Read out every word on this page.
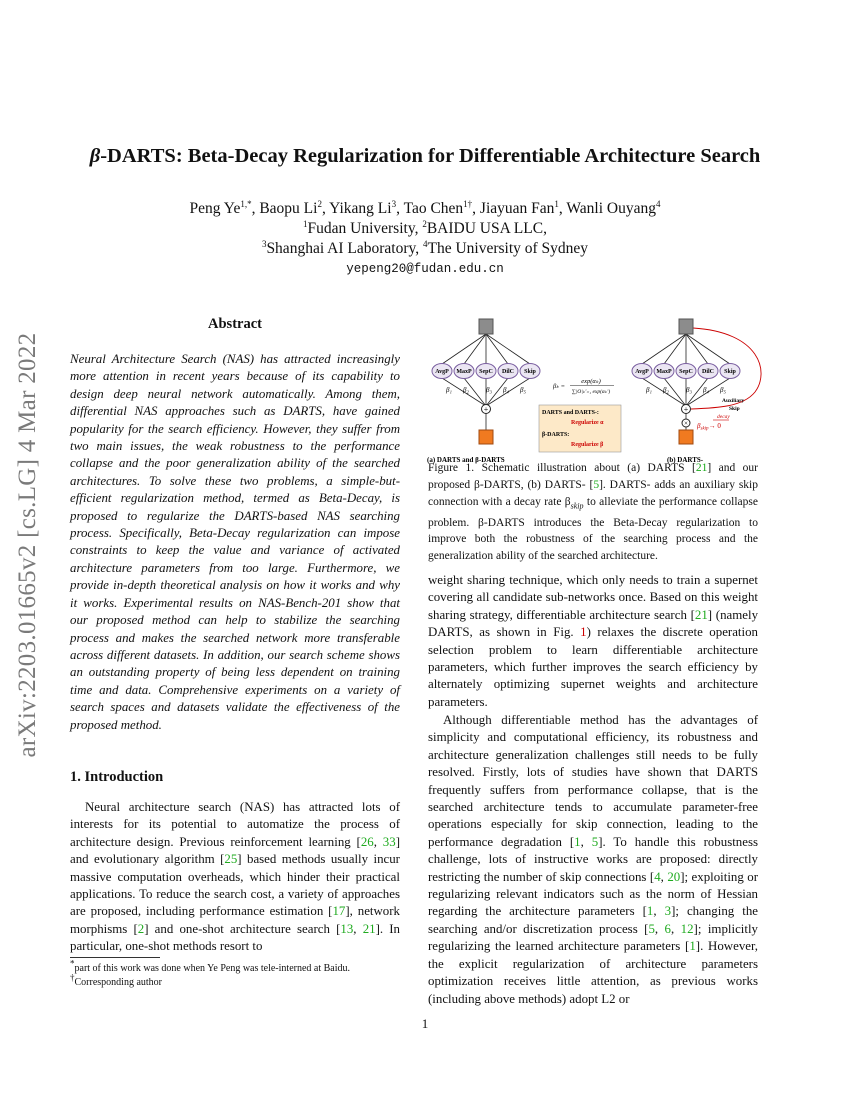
arXiv:2203.01665v2 [cs.LG] 4 Mar 2022
β-DARTS: Beta-Decay Regularization for Differentiable Architecture Search
Peng $Ye^{1,*}$, Baopu Li$^2$, Yikang Li$^3$, Tao Chen$^{1\dagger}$, Jiayuan Fan$^1$, Wanli Ouyang$^4$
$^1$Fudan University, $^2$BAIDU USA LLC,
$^3$Shanghai AI Laboratory, $^4$The University of Sydney
yepeng20@fudan.edu.cn
Abstract
Neural Architecture Search (NAS) has attracted increasingly more attention in recent years because of its capability to design deep neural network automatically. Among them, differential NAS approaches such as DARTS, have gained popularity for the search efficiency. However, they suffer from two main issues, the weak robustness to the performance collapse and the poor generalization ability of the searched architectures. To solve these two problems, a simple-but-efficient regularization method, termed as Beta-Decay, is proposed to regularize the DARTS-based NAS searching process. Specifically, Beta-Decay regularization can impose constraints to keep the value and variance of activated architecture parameters from too large. Furthermore, we provide in-depth theoretical analysis on how it works and why it works. Experimental results on NAS-Bench-201 show that our proposed method can help to stabilize the searching process and makes the searched network more transferable across different datasets. In addition, our search scheme shows an outstanding property of being less dependent on training time and data. Comprehensive experiments on a variety of search spaces and datasets validate the effectiveness of the proposed method.
1. Introduction

Neural architecture search (NAS) has attracted lots of interests for its potential to automatize the process of architecture design. Previous reinforcement learning [26, 33] and evolutionary algorithm [25] based methods usually incur massive computation overheads, which hinder their practical applications. To reduce the search cost, a variety of approaches are proposed, including performance estimation [17], network morphisms [2] and one-shot architecture search [13, 21]. In particular, one-shot methods resort to

*part of this work was done when Ye Peng was tele-interned at Baidu.
†Corresponding author
AvgP MaxP SepC DilC Skip
β₁ β₂ β₃ β₄ β₅
+
βₖ =
exp(αₖ)
∑|O|ₖ'₌₁ exp(αₖ')
DARTS and DARTS-:
Regularize α
β-DARTS:
Regularize β
AvgP MaxP SepC DilC Skip
β₁ β₂ β₃ β₄ β₅
Auxiliary
Skip
+
×
decay
$\beta_{skip}\to 0$
(a) DARTS and β-DARTS	(b) DARTS-
Figure 1. Schematic illustration about (a) DARTS [21] and our proposed β-DARTS, (b) DARTS- [5]. DARTS- adds an auxiliary skip connection with a decay rate $\beta_{skip}$ to alleviate the performance collapse problem. β-DARTS introduces the Beta-Decay regularization to improve both the robustness of the searching process and the generalization ability of the searched architecture.

weight sharing technique, which only needs to train a supernet covering all candidate sub-networks once. Based on this weight sharing strategy, differentiable architecture search [21] (namely DARTS, as shown in Fig. 1) relaxes the discrete operation selection problem to learn differentiable architecture parameters, which further improves the search efficiency by alternately optimizing supernet weights and architecture parameters.

Although differentiable method has the advantages of simplicity and computational efficiency, its robustness and architecture generalization challenges still needs to be fully resolved. Firstly, lots of studies have shown that DARTS frequently suffers from performance collapse, that is the searched architecture tends to accumulate parameter-free operations especially for skip connection, leading to the performance degradation [1, 5]. To handle this robustness challenge, lots of instructive works are proposed: directly restricting the number of skip connections [4, 20]; exploiting or regularizing relevant indicators such as the norm of Hessian regarding the architecture parameters [1, 3]; changing the searching and/or discretization process [5, 6, 12]; implicitly regularizing the learned architecture parameters [1]. However, the explicit regularization of architecture parameters optimization receives little attention, as previous works (including above methods) adopt L2 or

1
